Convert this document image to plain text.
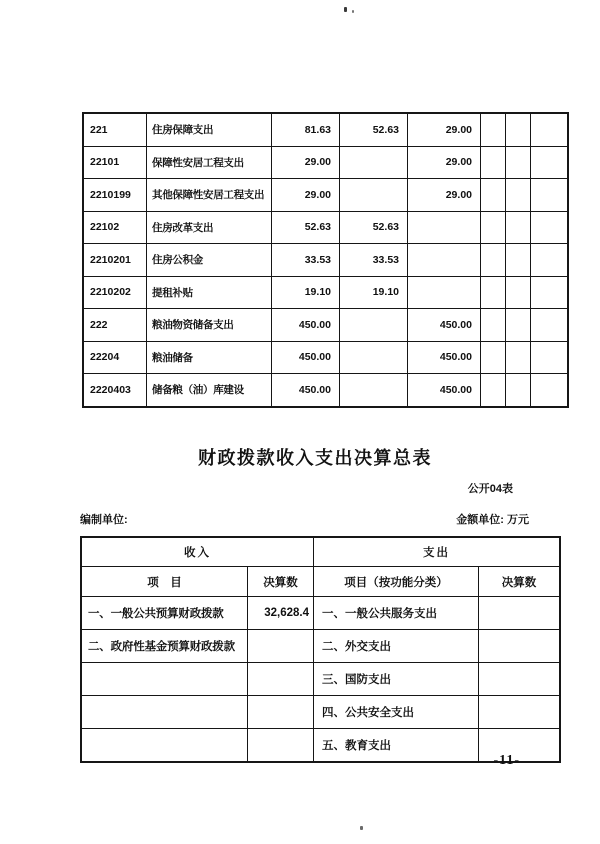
221	住房保障支出	81.63	52.63	29.00			
22101	保障性安居工程支出	29.00		29.00			
2210199	其他保障性安居工程支出	29.00		29.00			
22102	住房改革支出	52.63	52.63				
2210201	住房公积金	33.53	33.53				
2210202	提租补贴	19.10	19.10				
222	粮油物资储备支出	450.00		450.00			
22204	粮油储备	450.00		450.00			
2220403	储备粮（油）库建设	450.00		450.00			
财政拨款收入支出决算总表
公开04表
编制单位:	金额单位: 万元
收入		支出	
项　目	决算数	项目（按功能分类）	决算数
一、一般公共预算财政拨款	32,628.4	一、一般公共服务支出	
二、政府性基金预算财政拨款		二、外交支出	
		三、国防支出	
		四、公共安全支出	
		五、教育支出	
-11-
